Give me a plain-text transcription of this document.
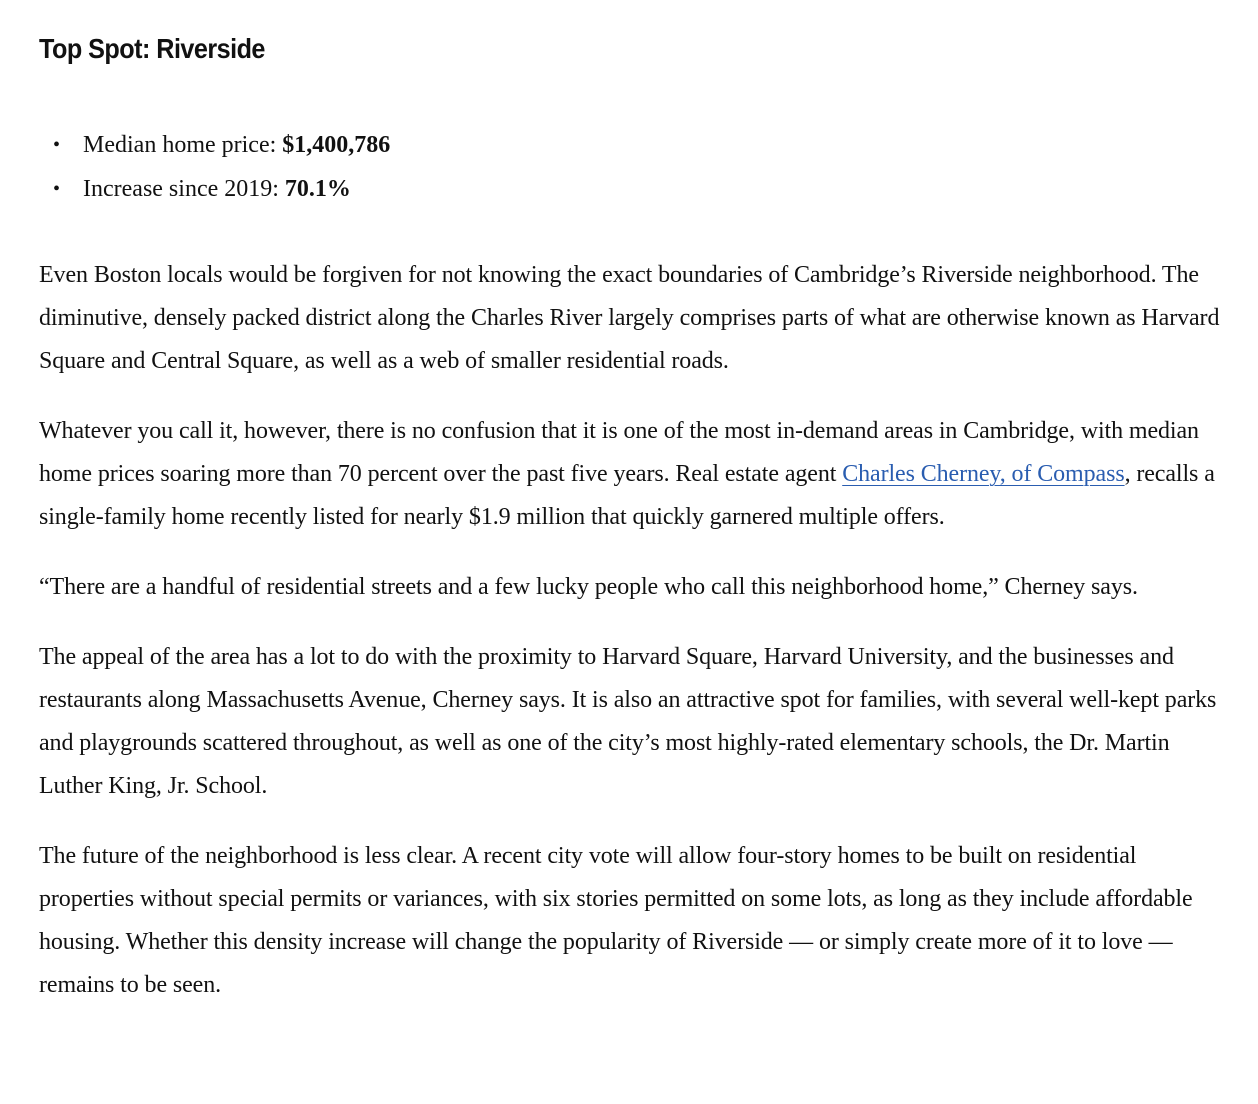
Top Spot: Riverside
• Median home price: $1,400,786
• Increase since 2019: 70.1%

Even Boston locals would be forgiven for not knowing the exact boundaries of Cambridge’s Riverside neighborhood. The diminutive, densely packed district along the Charles River largely comprises parts of what are otherwise known as Harvard Square and Central Square, as well as a web of smaller residential roads.

Whatever you call it, however, there is no confusion that it is one of the most in-demand areas in Cambridge, with median home prices soaring more than 70 percent over the past five years. Real estate agent Charles Cherney, of Compass, recalls a single-family home recently listed for nearly $1.9 million that quickly garnered multiple offers.

“There are a handful of residential streets and a few lucky people who call this neighborhood home,” Cherney says.

The appeal of the area has a lot to do with the proximity to Harvard Square, Harvard University, and the businesses and restaurants along Massachusetts Avenue, Cherney says. It is also an attractive spot for families, with several well-kept parks and playgrounds scattered throughout, as well as one of the city’s most highly-rated elementary schools, the Dr. Martin Luther King, Jr. School.

The future of the neighborhood is less clear. A recent city vote will allow four-story homes to be built on residential properties without special permits or variances, with six stories permitted on some lots, as long as they include affordable housing. Whether this density increase will change the popularity of Riverside — or simply create more of it to love — remains to be seen.
